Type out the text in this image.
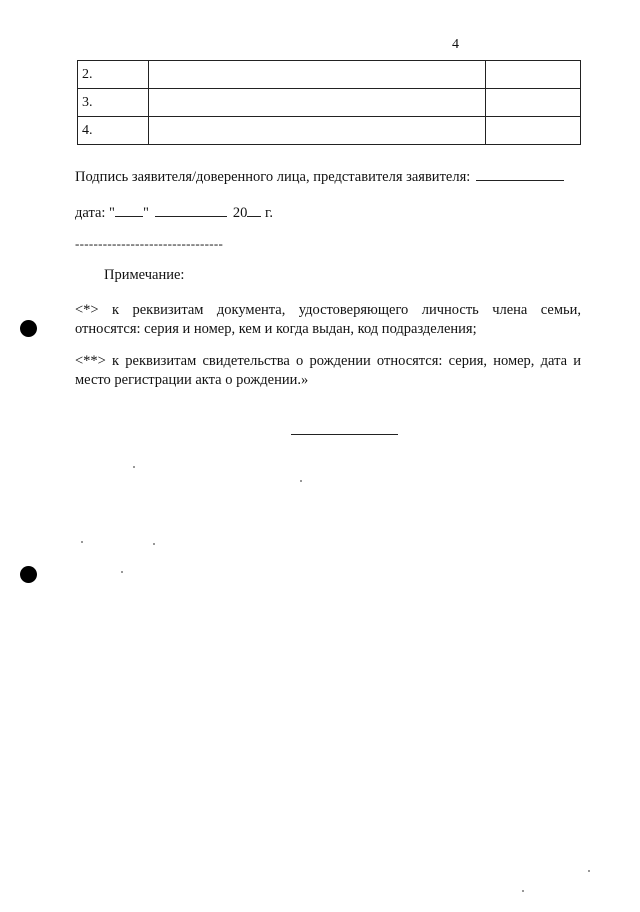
4
2.		
3.		
4.		
Подпись заявителя/доверенного лица, представителя заявителя:
дата: " "	20 г.
--------------------------------
Примечание:
<*> к реквизитам документа, удостоверяющего личность члена семьи, относятся: серия и номер, кем и когда выдан, код подразделения;
<**> к реквизитам свидетельства о рождении относятся: серия, номер, дата и место регистрации акта о рождении.»
